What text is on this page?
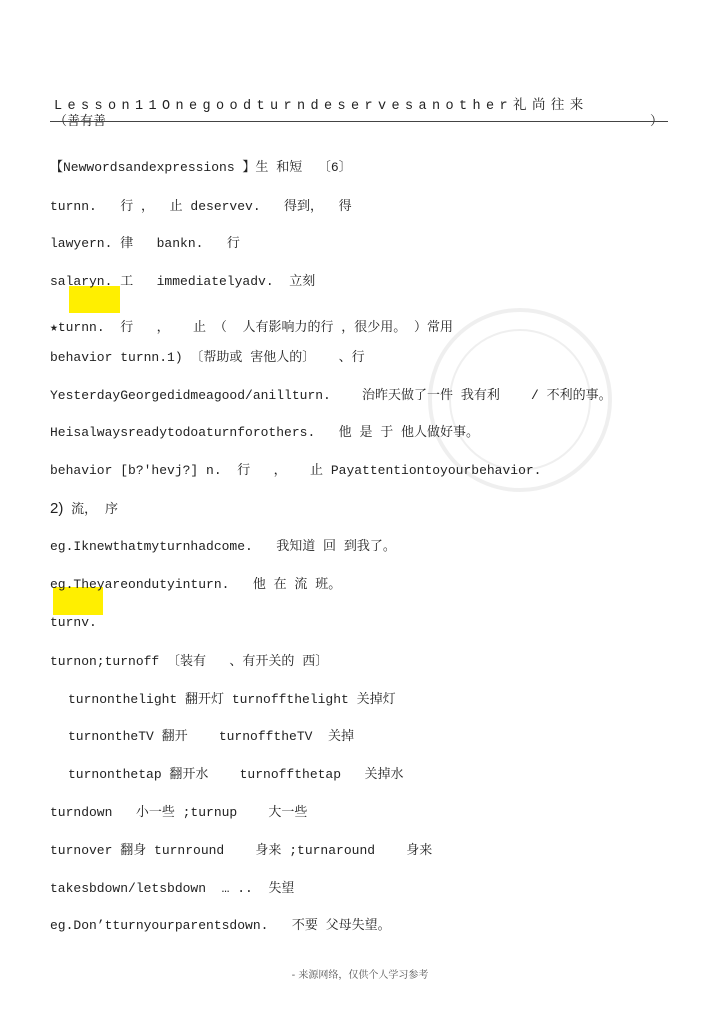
Lesson11Onegoodturndeservesanother礼尚往来
（善有善	）
【Newwordsandexpressions 】生 和短  〔6〕
turnn.   行 ，  止 deservev.   得到，  得
lawyern. 律   bankn.   行
salaryn. 工   immediatelyadv.  立刻
★turnn.  行   ，   止 （  人有影响力的行 ，很少用。 ）常用
behavior turnn.1) 〔帮助或 害他人的〕   、行
YesterdayGeorgedidmeagood/anillturn.    治昨天做了一件 我有利    / 不利的事。
Heisalwaysreadytodoaturnforothers.   他 是 于 他人做好事。
behavior [b?'hevj?] n.  行   ，   止 Payattentiontoyourbehavior.
2) 流， 序
eg.Iknewthatmyturnhadcome.   我知道 回 到我了。
eg.Theyareondutyinturn.   他 在 流 班。
turnv.
turnon;turnoff 〔装有   、有开关的 西〕
turnonthelight 翻开灯 turnoffthelight 关掉灯
turnontheTV 翻开    turnofftheTV  关掉
turnonthetap 翻开水    turnoffthetap   关掉水
turndown   小一些 ;turnup    大一些
turnover 翻身 turnround    身来 ;turnaround    身来
takesbdown/letsbdown  … ..  失望
eg.Don’tturnyourparentsdown.   不要 父母失望。
- 来源网络，仅供个人学习参考
